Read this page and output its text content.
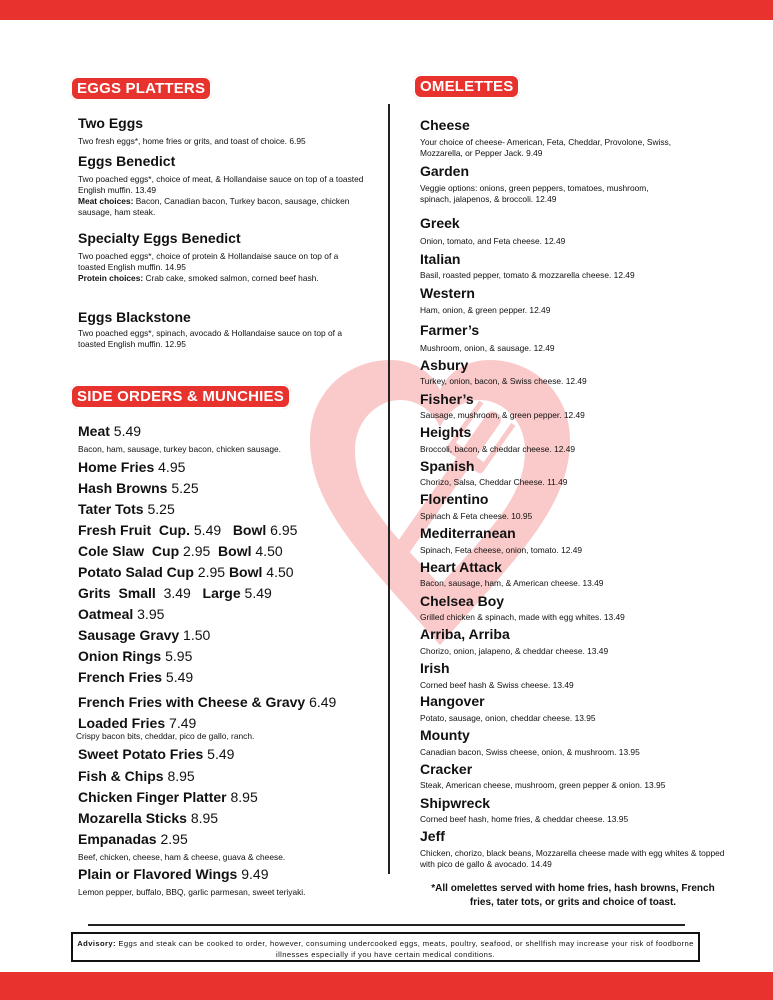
EGGS PLATTERS
Two Eggs
Two fresh eggs*, home fries or grits, and toast of choice. 6.95
Eggs Benedict
Two poached eggs*, choice of meat, & Hollandaise sauce on top of a toasted English muffin. 13.49
Meat choices: Bacon, Canadian bacon, Turkey bacon, sausage, chicken sausage, ham steak.
Specialty Eggs Benedict
Two poached eggs*, choice of protein & Hollandaise sauce on top of a toasted English muffin. 14.95
Protein choices: Crab cake, smoked salmon, corned beef hash.
Eggs Blackstone
Two poached eggs*, spinach, avocado & Hollandaise sauce on top of a toasted English muffin. 12.95
SIDE ORDERS & MUNCHIES
Meat 5.49
Bacon, ham, sausage, turkey bacon, chicken sausage.
Home Fries 4.95
Hash Browns 5.25
Tater Tots 5.25
Fresh Fruit  Cup. 5.49 Bowl 6.95
Cole Slaw  Cup 2.95 Bowl 4.50
Potato Salad Cup 2.95 Bowl 4.50
Grits  Small  3.49 Large 5.49
Oatmeal 3.95
Sausage Gravy 1.50
Onion Rings 5.95
French Fries 5.49
French Fries with Cheese & Gravy 6.49
Loaded Fries 7.49
Crispy bacon bits, cheddar, pico de gallo, ranch.
Sweet Potato Fries 5.49
Fish & Chips 8.95
Chicken Finger Platter 8.95
Mozarella Sticks 8.95
Empanadas 2.95
Beef, chicken, cheese, ham & cheese, guava & cheese.
Plain or Flavored Wings 9.49
Lemon pepper, buffalo, BBQ, garlic parmesan, sweet teriyaki.
OMELETTES
Cheese
Your choice of cheese- American, Feta, Cheddar, Provolone, Swiss, Mozzarella, or Pepper Jack. 9.49
Garden
Veggie options: onions, green peppers, tomatoes, mushroom, spinach, jalapenos, & broccoli. 12.49
Greek
Onion, tomato, and Feta cheese. 12.49
Italian
Basil, roasted pepper, tomato & mozzarella cheese. 12.49
Western
Ham, onion, & green pepper. 12.49
Farmer’s
Mushroom, onion, & sausage. 12.49
Asbury
Turkey, onion, bacon, & Swiss cheese. 12.49
Fisher’s
Sausage, mushroom, & green pepper. 12.49
Heights
Broccoli, bacon, & cheddar cheese. 12.49
Spanish
Chorizo, Salsa, Cheddar Cheese. 11.49
Florentino
Spinach & Feta cheese. 10.95
Mediterranean
Spinach, Feta cheese, onion, tomato. 12.49
Heart Attack
Bacon, sausage, ham, & American cheese. 13.49
Chelsea Boy
Grilled chicken & spinach, made with egg whites. 13.49
Arriba, Arriba
Chorizo, onion, jalapeno, & cheddar cheese. 13.49
Irish
Corned beef hash & Swiss cheese. 13.49
Hangover
Potato, sausage, onion, cheddar cheese. 13.95
Mounty
Canadian bacon, Swiss cheese, onion, & mushroom. 13.95
Cracker
Steak, American cheese, mushroom, green pepper & onion. 13.95
Shipwreck
Corned beef hash, home fries, & cheddar cheese. 13.95
Jeff
Chicken, chorizo, black beans, Mozzarella cheese made with egg whites & topped with pico de gallo & avocado. 14.49
*All omelettes served with home fries, hash browns, French fries, tater tots, or grits and choice of toast.
Advisory: Eggs and steak can be cooked to order, however, consuming undercooked eggs, meats, poultry, seafood, or shellfish may increase your risk of foodborne illnesses especially if you have certain medical conditions.
